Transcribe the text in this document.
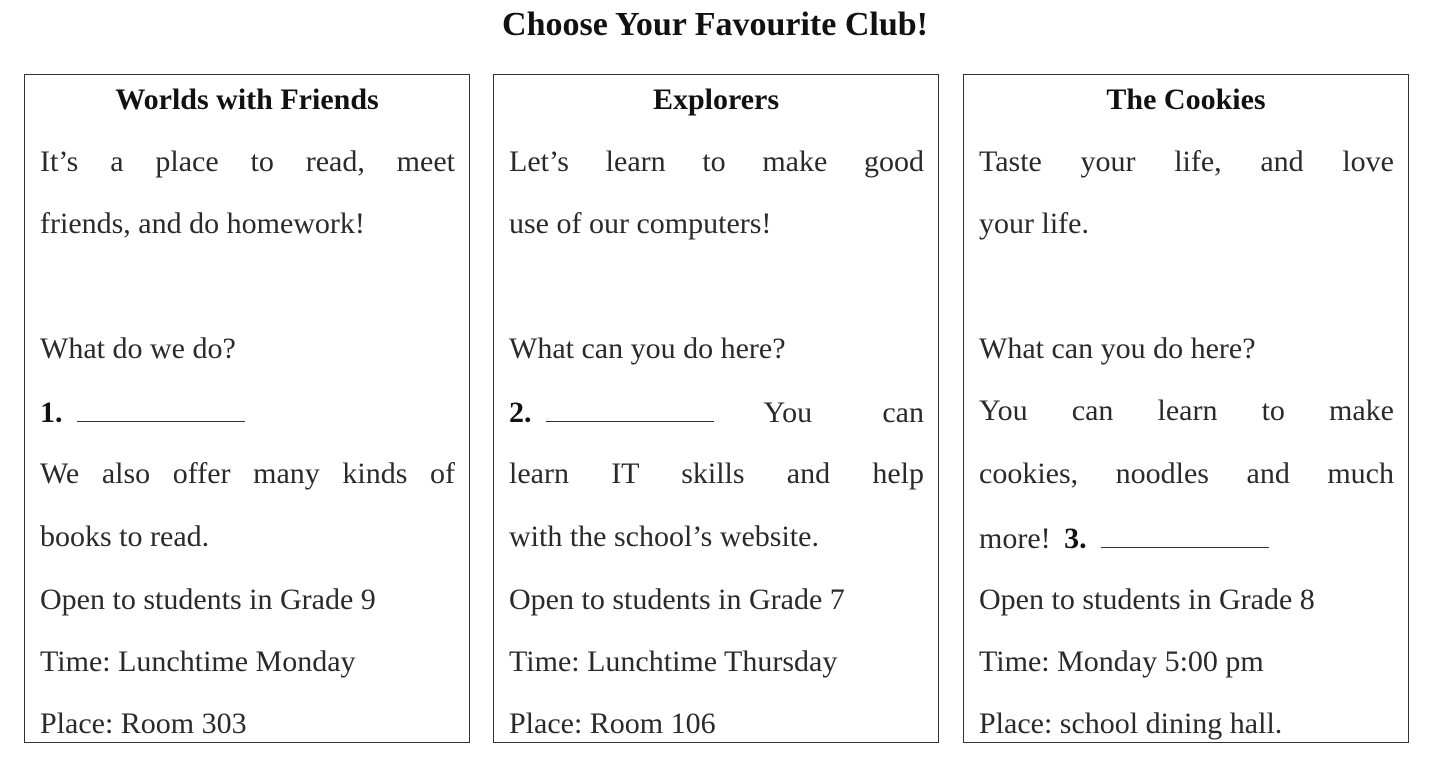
Choose Your Favourite Club!
Worlds with Friends
It’s a place to read, meet
friends, and do homework!
What do we do?
1.
We also offer many kinds of
books to read.
Open to students in Grade 9
Time: Lunchtime Monday
Place: Room 303
Explorers
Let’s learn to make good
use of our computers!
What can you do here?
2.	You can
learn IT skills and help
with the school’s website.
Open to students in Grade 7
Time: Lunchtime Thursday
Place: Room 106
The Cookies
Taste your life, and love
your life.
What can you do here?
You can learn to make
cookies, noodles and much
more! 3.
Open to students in Grade 8
Time: Monday 5:00 pm
Place: school dining hall.
